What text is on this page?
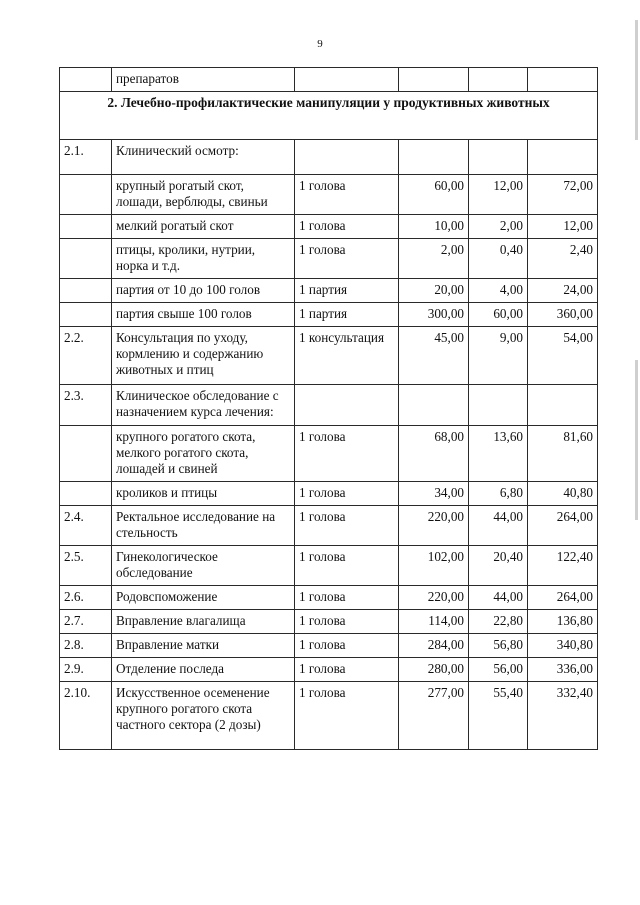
9
	препаратов				
2. Лечебно-профилактические манипуляции у продуктивных животных					
2.1.	Клинический осмотр:				
	крупный рогатый скот, лошади, верблюды, свиньи	1 голова	60,00	12,00	72,00
	мелкий рогатый скот	1 голова	10,00	2,00	12,00
	птицы, кролики, нутрии, норка и т.д.	1 голова	2,00	0,40	2,40
	партия от 10 до 100 голов	1 партия	20,00	4,00	24,00
	партия свыше 100 голов	1 партия	300,00	60,00	360,00
2.2.	Консультация по уходу, кормлению и содержанию животных и птиц	1 консультация	45,00	9,00	54,00
2.3.	Клиническое обследование с назначением курса лечения:				
	крупного рогатого скота, мелкого рогатого скота, лошадей и свиней	1 голова	68,00	13,60	81,60
	кроликов и птицы	1 голова	34,00	6,80	40,80
2.4.	Ректальное исследование на стельность	1 голова	220,00	44,00	264,00
2.5.	Гинекологическое обследование	1 голова	102,00	20,40	122,40
2.6.	Родовспоможение	1 голова	220,00	44,00	264,00
2.7.	Вправление влагалища	1 голова	114,00	22,80	136,80
2.8.	Вправление матки	1 голова	284,00	56,80	340,80
2.9.	Отделение последа	1 голова	280,00	56,00	336,00
2.10.	Искусственное осеменение крупного рогатого скота частного сектора (2 дозы)	1 голова	277,00	55,40	332,40
